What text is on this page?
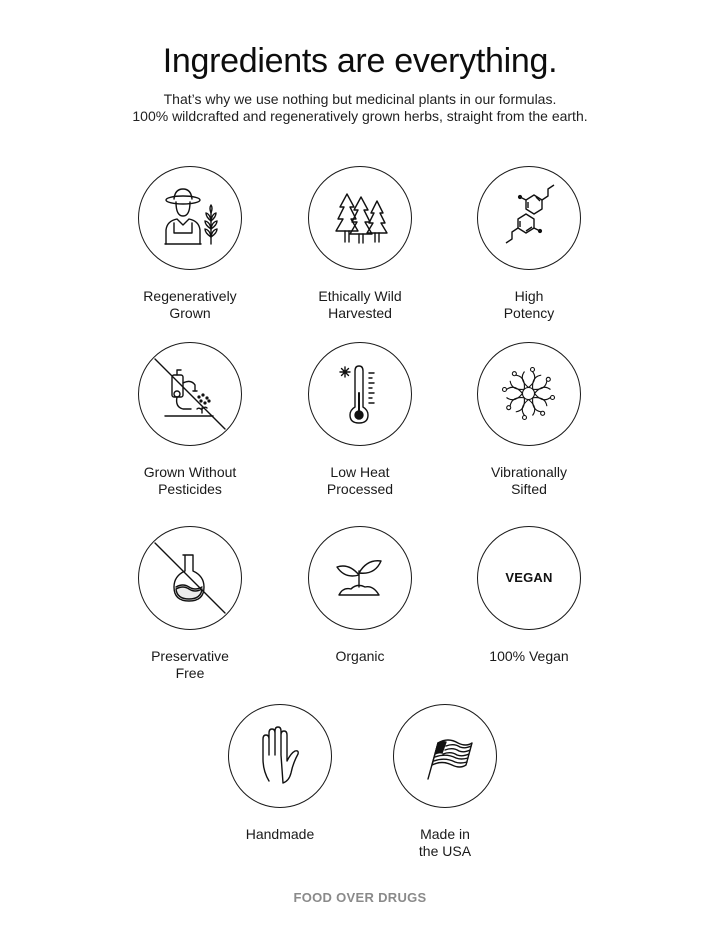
Ingredients are everything.
That’s why we use nothing but medicinal plants in our formulas.
100% wildcrafted and regeneratively grown herbs, straight from the earth.
Regeneratively
Grown
Ethically Wild
Harvested
High
Potency
Grown Without
Pesticides
Low Heat
Processed
Vibrationally
Sifted
Preservative
Free
Organic
VEGAN
100% Vegan
Handmade	Made in
the USA
FOOD OVER DRUGS
